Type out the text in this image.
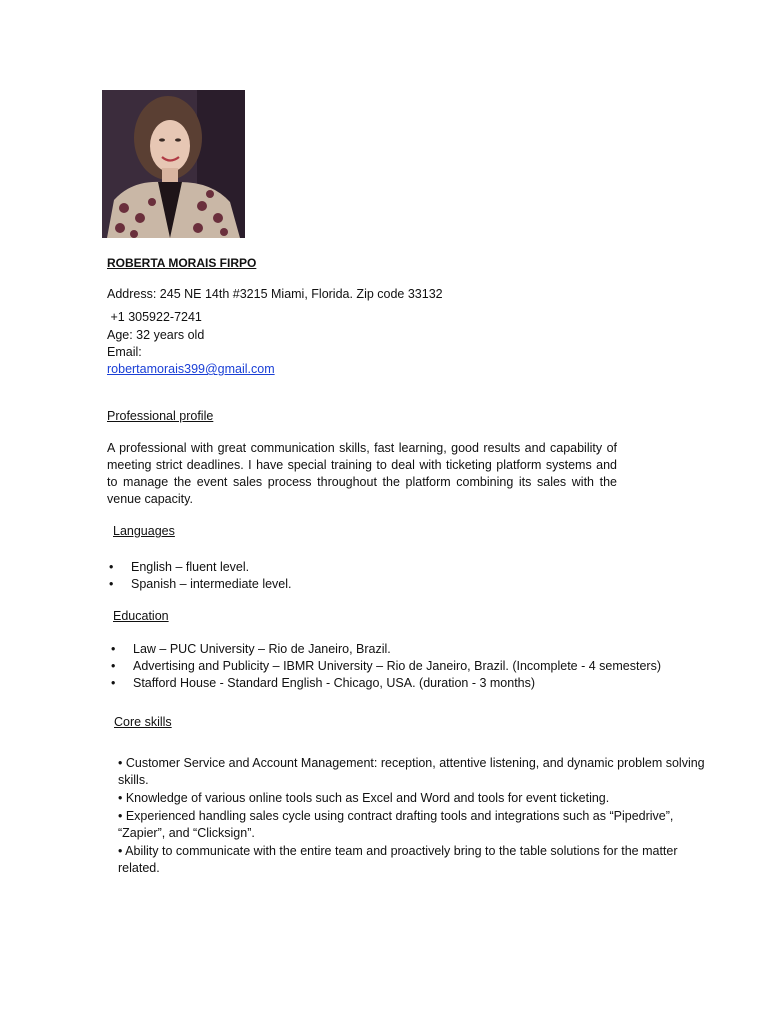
ROBERTA MORAIS FIRPO
Address: 245 NE 14th #3215 Miami, Florida. Zip code 33132
+1 305922-7241
Age: 32 years old
Email:
robertamorais399@gmail.com
Professional profile
A professional with great communication skills, fast learning, good results and capability of meeting strict deadlines. I have special training to deal with ticketing platform systems and to manage the event sales process throughout the platform combining its sales with the venue capacity.
Languages
• English – fluent level.
• Spanish – intermediate level.
Education
• Law – PUC University – Rio de Janeiro, Brazil.
• Advertising and Publicity – IBMR University – Rio de Janeiro, Brazil. (Incomplete - 4 semesters)
• Stafford House - Standard English - Chicago, USA. (duration - 3 months)
Core skills

• Customer Service and Account Management: reception, attentive listening, and dynamic problem solving skills.

• Knowledge of various online tools such as Excel and Word and tools for event ticketing.

• Experienced handling sales cycle using contract drafting tools and integrations such as “Pipedrive”, “Zapier”, and “Clicksign”.

• Ability to communicate with the entire team and proactively bring to the table solutions for the matter related.
